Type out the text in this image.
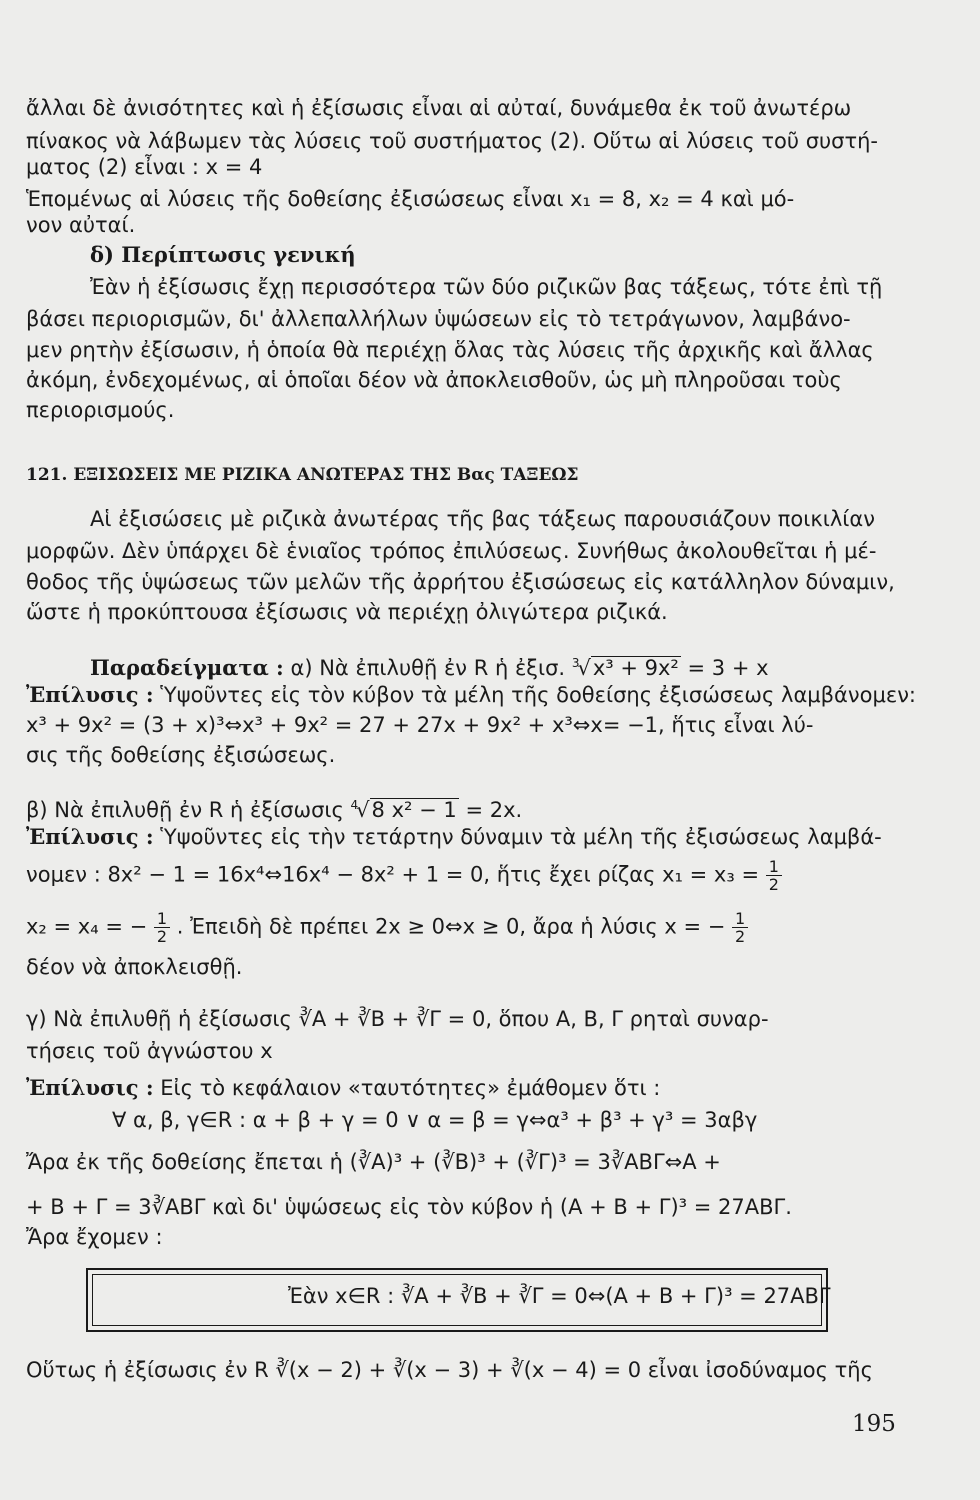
ἄλλαι δὲ ἀνισότητες καὶ ἡ ἐξίσωσις εἶναι αἱ αὐταί, δυνάμεθα ἐκ τοῦ ἀνωτέρω
πίνακος νὰ λάβωμεν τὰς λύσεις τοῦ συστήματος (2). Οὕτω αἱ λύσεις τοῦ συστή-
ματος (2) εἶναι : x = 4
Ἑπομένως αἱ λύσεις τῆς δοθείσης ἐξισώσεως εἶναι x₁ = 8, x₂ = 4 καὶ μό-
νον αὐταί.
δ) Περίπτωσις γενική
Ἐὰν ἡ ἐξίσωσις ἔχῃ περισσότερα τῶν δύο ριζικῶν βας τάξεως, τότε ἐπὶ τῇ
βάσει περιορισμῶν, δι' ἀλλεπαλλήλων ὑψώσεων εἰς τὸ τετράγωνον, λαμβάνο-
μεν ρητὴν ἐξίσωσιν, ἡ ὁποία θὰ περιέχῃ ὅλας τὰς λύσεις τῆς ἀρχικῆς καὶ ἄλλας
ἀκόμη, ἐνδεχομένως, αἱ ὁποῖαι δέον νὰ ἀποκλεισθοῦν, ὡς μὴ πληροῦσαι τοὺς
περιορισμούς.
121. ΕΞΙΣΩΣΕΙΣ ΜΕ ΡΙΖΙΚΑ ΑΝΩΤΕΡΑΣ ΤΗΣ Βας ΤΑΞΕΩΣ
Αἱ ἐξισώσεις μὲ ριζικὰ ἀνωτέρας τῆς βας τάξεως παρουσιάζουν ποικιλίαν
μορφῶν. Δὲν ὑπάρχει δὲ ἑνιαῖος τρόπος ἐπιλύσεως. Συνήθως ἀκολουθεῖται ἡ μέ-
θοδος τῆς ὑψώσεως τῶν μελῶν τῆς ἀρρήτου ἐξισώσεως εἰς κατάλληλον δύναμιν,
ὥστε ἡ προκύπτουσα ἐξίσωσις νὰ περιέχῃ ὀλιγώτερα ριζικά.
Παραδείγματα : α) Νὰ ἐπιλυθῇ ἐν R ἡ ἐξισ. $^3$√x³ + 9x² = 3 + x
Ἐπίλυσις : Ὑψοῦντες εἰς τὸν κύβον τὰ μέλη τῆς δοθείσης ἐξισώσεως λαμβάνομεν:
x³ + 9x² = (3 + x)³⇔x³ + 9x² = 27 + 27x + 9x² + x³⇔x= −1, ἥτις εἶναι λύ-
σις τῆς δοθείσης ἐξισώσεως.
β) Νὰ ἐπιλυθῇ ἐν R ἡ ἐξίσωσις $^4$√8 x² − 1 = 2x.
Ἐπίλυσις : Ὑψοῦντες εἰς τὴν τετάρτην δύναμιν τὰ μέλη τῆς ἐξισώσεως λαμβά-
νομεν : 8x² − 1 = 16x⁴⇔16x⁴ − 8x² + 1 = 0, ἥτις ἔχει ρίζας $x_1 = x_3 = \frac{1}{2}$
x₂ = x₄ = − $\frac{1}{2}$ . Ἐπειδὴ δὲ πρέπει 2x ≥ 0⇔x ≥ 0, ἄρα ἡ λύσις x = − $\frac{1}{2}$
δέον νὰ ἀποκλεισθῇ.
γ) Νὰ ἐπιλυθῇ ἡ ἐξίσωσις ∛A + ∛B + ∛Γ = 0, ὅπου Α, Β, Γ ρηταὶ συναρ-
τήσεις τοῦ ἀγνώστου x
Ἐπίλυσις : Εἰς τὸ κεφάλαιον «ταυτότητες» ἐμάθομεν ὅτι :
∀ α, β, γ∈R : α + β + γ = 0 ∨ α = β = γ⇔α³ + β³ + γ³ = 3αβγ
Ἄρα ἐκ τῆς δοθείσης ἔπεται ἡ (∛A)³ + (∛B)³ + (∛Γ)³ = 3∛ΑΒΓ⇔A +
+ B + Γ = 3∛ΑΒΓ καὶ δι' ὑψώσεως εἰς τὸν κύβον ἡ (A + B + Γ)³ = 27ΑΒΓ.
Ἄρα ἔχομεν :
Ἐὰν x∈R : ∛A + ∛B + ∛Γ = 0⇔(A + B + Γ)³ = 27ΑΒΓ
Οὕτως ἡ ἐξίσωσις ἐν R ∛(x − 2) + ∛(x − 3) + ∛(x − 4) = 0 εἶναι ἰσοδύναμος τῆς
195
